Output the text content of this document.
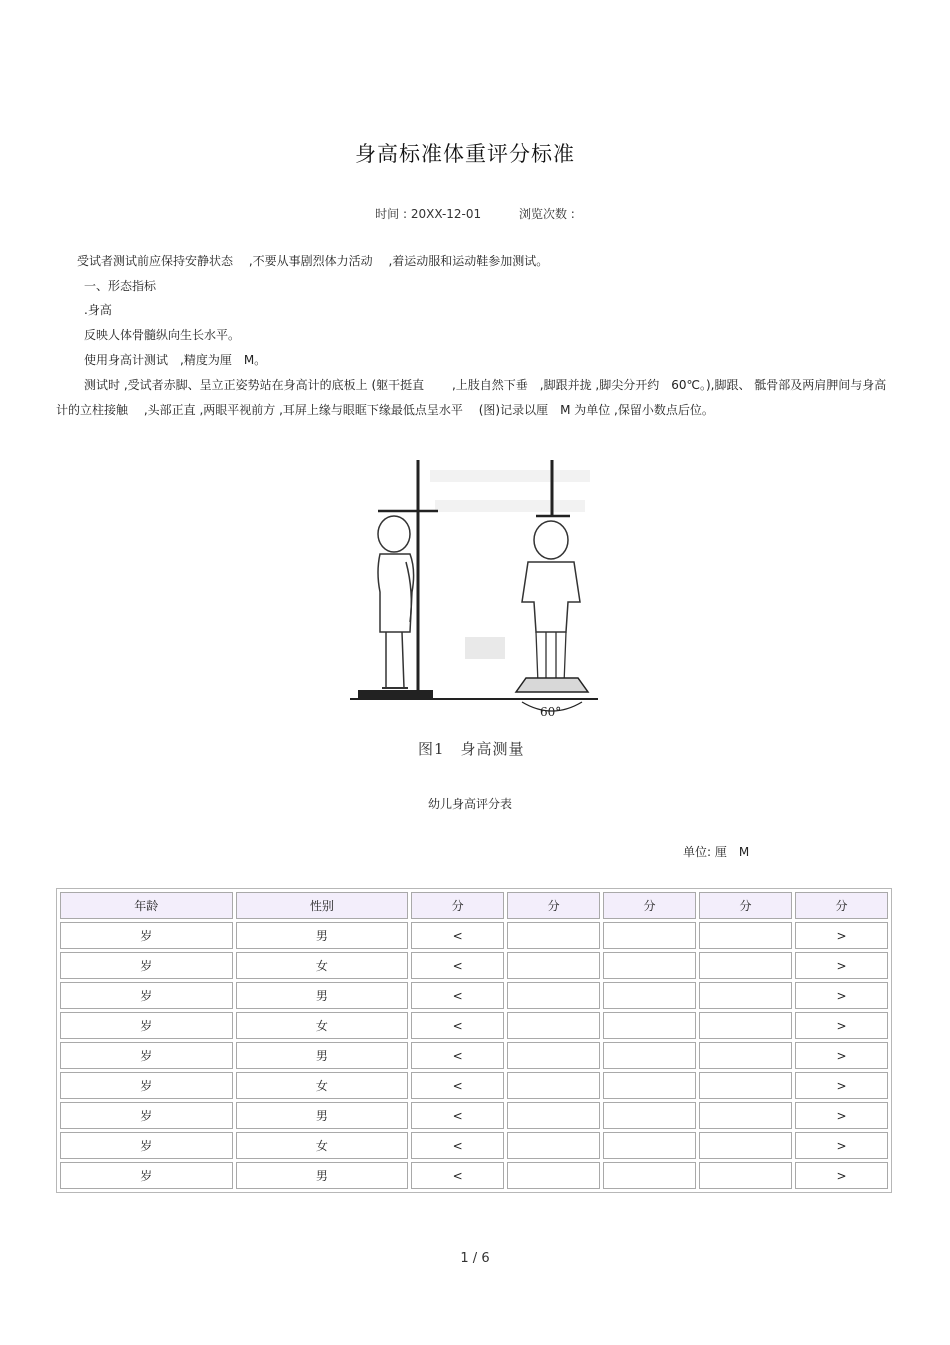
身高标准体重评分标准
时间 : 20XX-12-01	浏览次数 :
受试者测试前应保持安静状态　 ,不要从事剧烈体力活动　 ,着运动服和运动鞋参加测试。
一、形态指标
.身高
反映人体骨髓纵向生长水平。
使用身高计测试　,精度为厘　M。
测试时 ,受试者赤脚、呈立正姿势站在身高计的底板上 (躯干挺直　　 ,上肢自然下垂　,脚跟并拢 ,脚尖分开约　60℃。),脚跟、 骶骨部及两肩胛间与身高计的立柱接触　 ,头部正直 ,两眼平视前方 ,耳屏上缘与眼眶下缘最低点呈水平　 (图)记录以厘　M 为单位 ,保留小数点后位。
60°
图1　身高测量
幼儿身高评分表
单位: 厘　M
年龄	性别	分	分	分	分	分
岁	男	<				>
岁	女	<				>
岁	男	<				>
岁	女	<				>
岁	男	<				>
岁	女	<				>
岁	男	<				>
岁	女	<				>
岁	男	<				>
1 / 6
